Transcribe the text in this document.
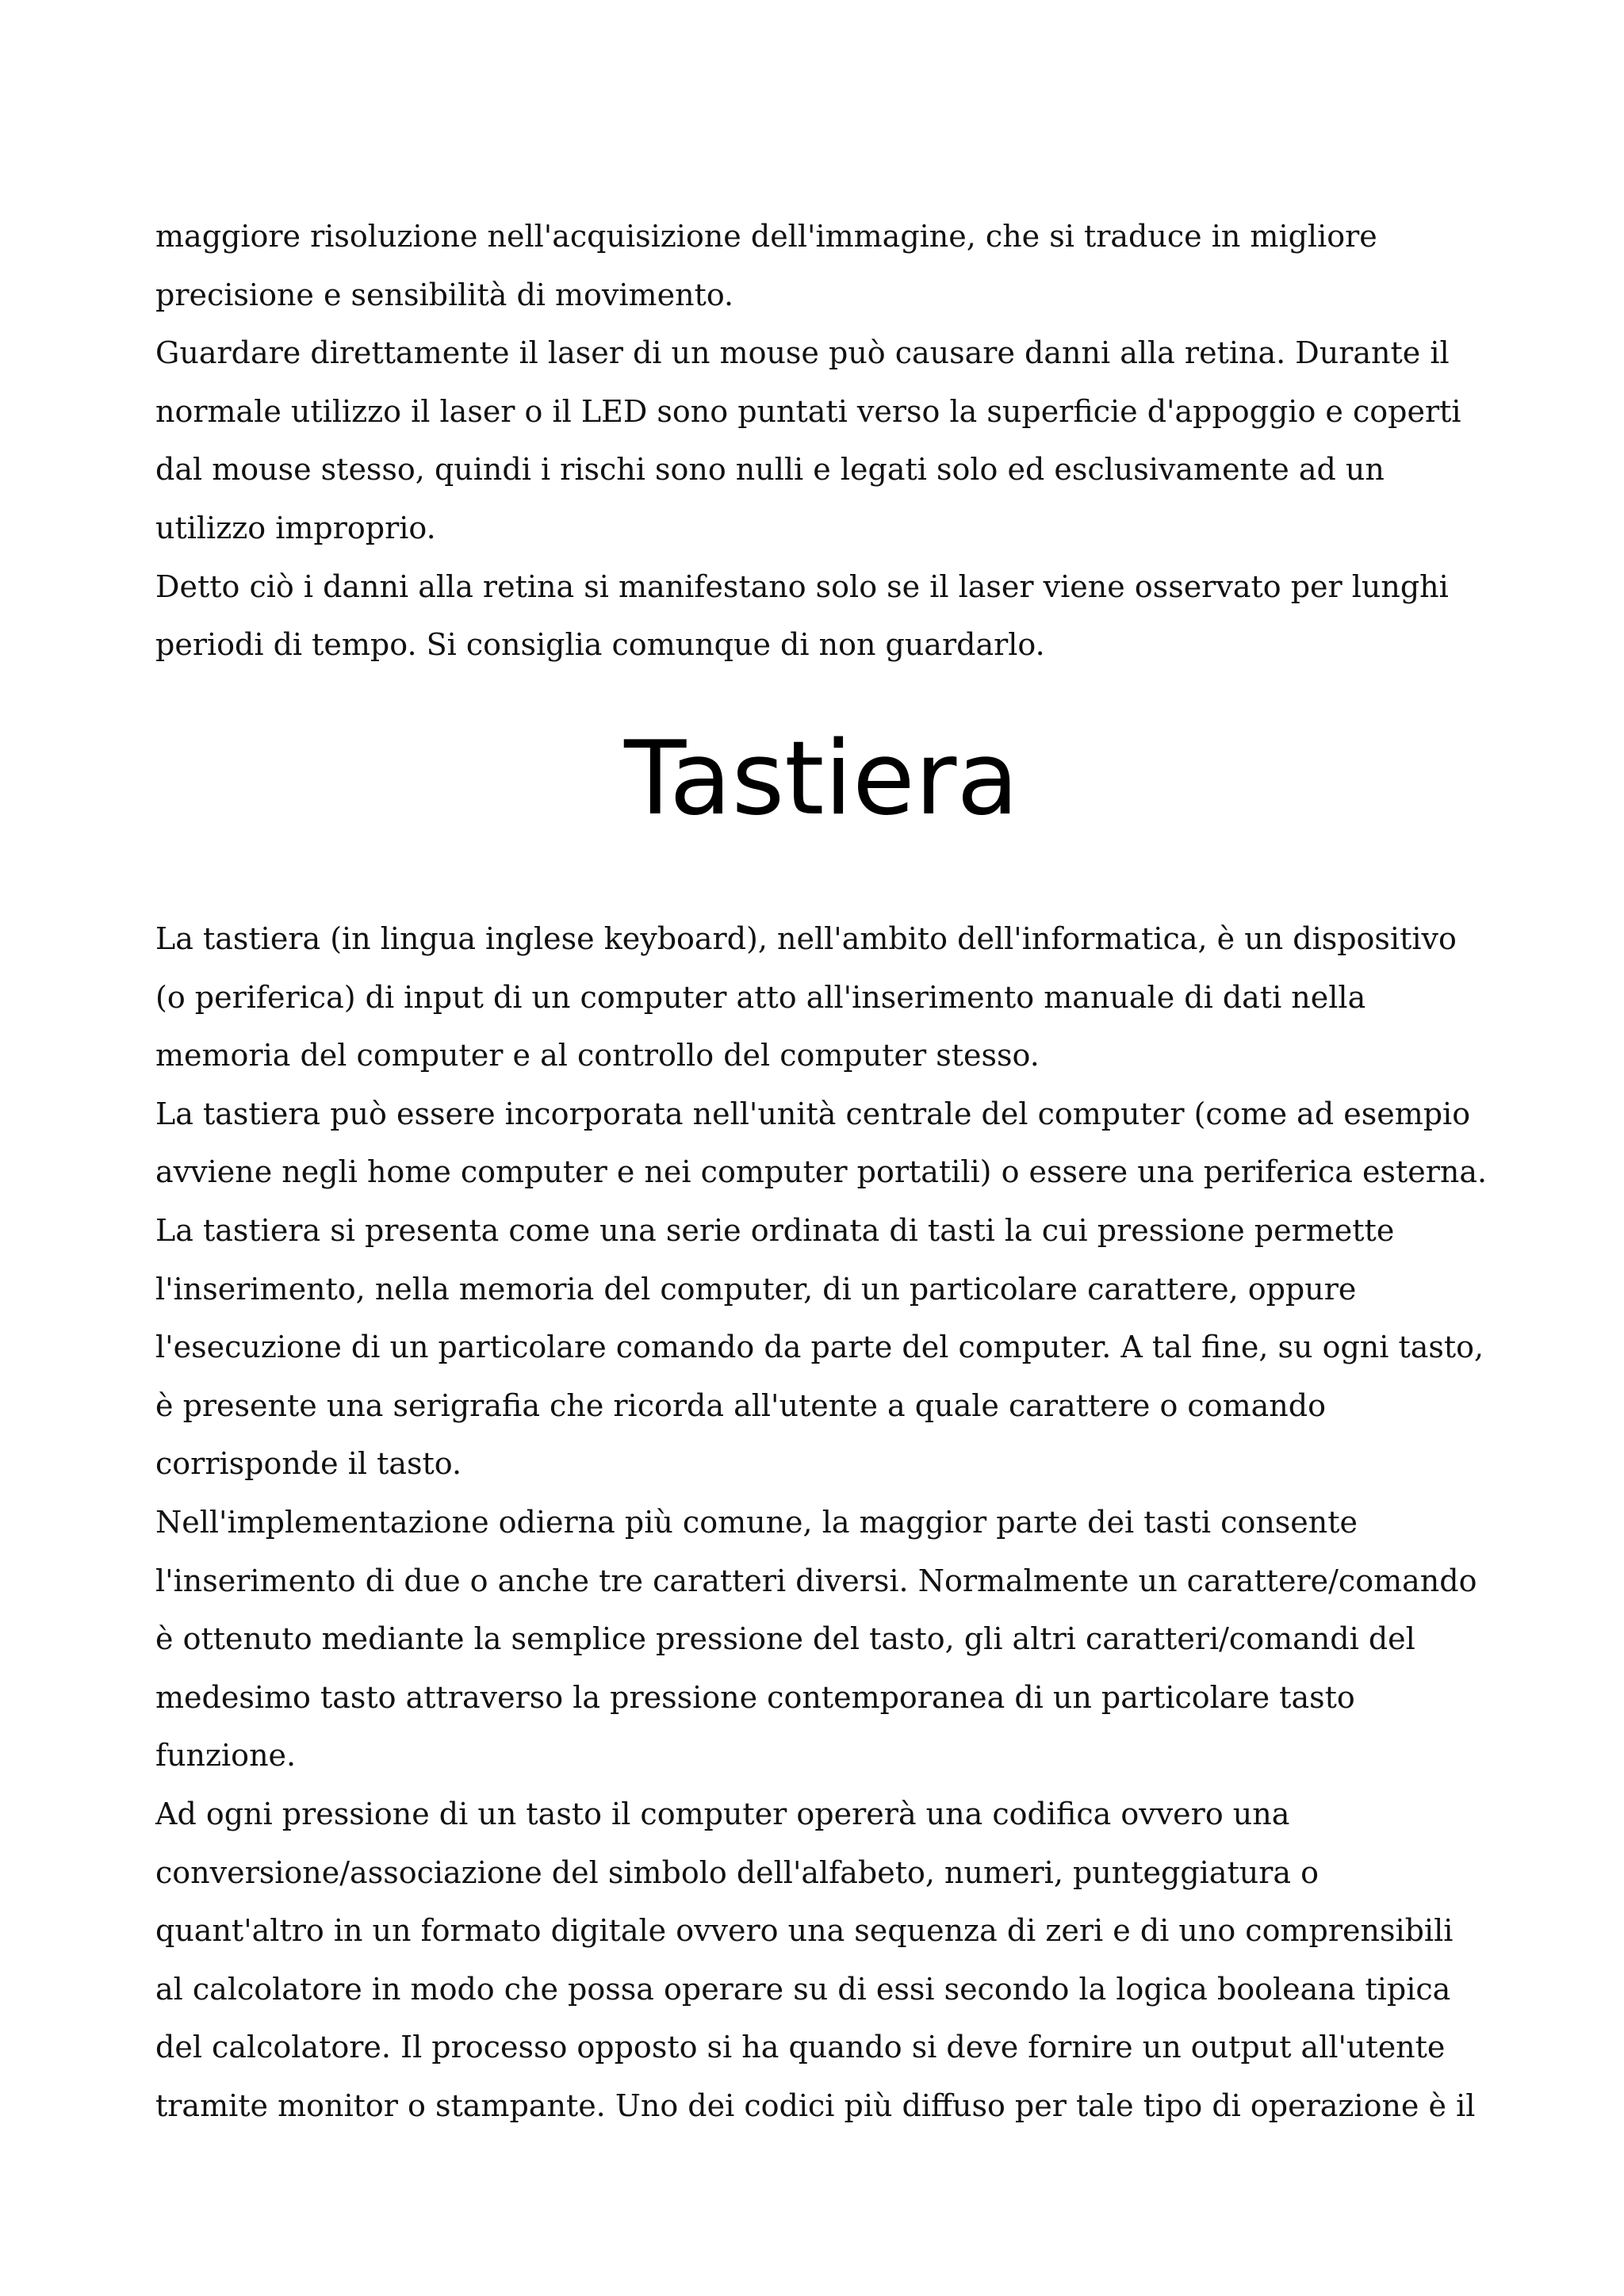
maggiore risoluzione nell'acquisizione dell'immagine, che si traduce in migliore

precisione e sensibilità di movimento.

Guardare direttamente il laser di un mouse può causare danni alla retina. Durante il

normale utilizzo il laser o il LED sono puntati verso la superficie d'appoggio e coperti

dal mouse stesso, quindi i rischi sono nulli e legati solo ed esclusivamente ad un

utilizzo improprio.

Detto ciò i danni alla retina si manifestano solo se il laser viene osservato per lunghi

periodi di tempo. Si consiglia comunque di non guardarlo.

Tastiera

La tastiera (in lingua inglese keyboard), nell'ambito dell'informatica, è un dispositivo

(o periferica) di input di un computer atto all'inserimento manuale di dati nella

memoria del computer e al controllo del computer stesso.

La tastiera può essere incorporata nell'unità centrale del computer (come ad esempio

avviene negli home computer e nei computer portatili) o essere una periferica esterna.

La tastiera si presenta come una serie ordinata di tasti la cui pressione permette

l'inserimento, nella memoria del computer, di un particolare carattere, oppure

l'esecuzione di un particolare comando da parte del computer. A tal fine, su ogni tasto,

è presente una serigrafia che ricorda all'utente a quale carattere o comando

corrisponde il tasto.

Nell'implementazione odierna più comune, la maggior parte dei tasti consente

l'inserimento di due o anche tre caratteri diversi. Normalmente un carattere/comando

è ottenuto mediante la semplice pressione del tasto, gli altri caratteri/comandi del

medesimo tasto attraverso la pressione contemporanea di un particolare tasto

funzione.

Ad ogni pressione di un tasto il computer opererà una codifica ovvero una

conversione/associazione del simbolo dell'alfabeto, numeri, punteggiatura o

quant'altro in un formato digitale ovvero una sequenza di zeri e di uno comprensibili

al calcolatore in modo che possa operare su di essi secondo la logica booleana tipica

del calcolatore. Il processo opposto si ha quando si deve fornire un output all'utente

tramite monitor o stampante. Uno dei codici più diffuso per tale tipo di operazione è il
